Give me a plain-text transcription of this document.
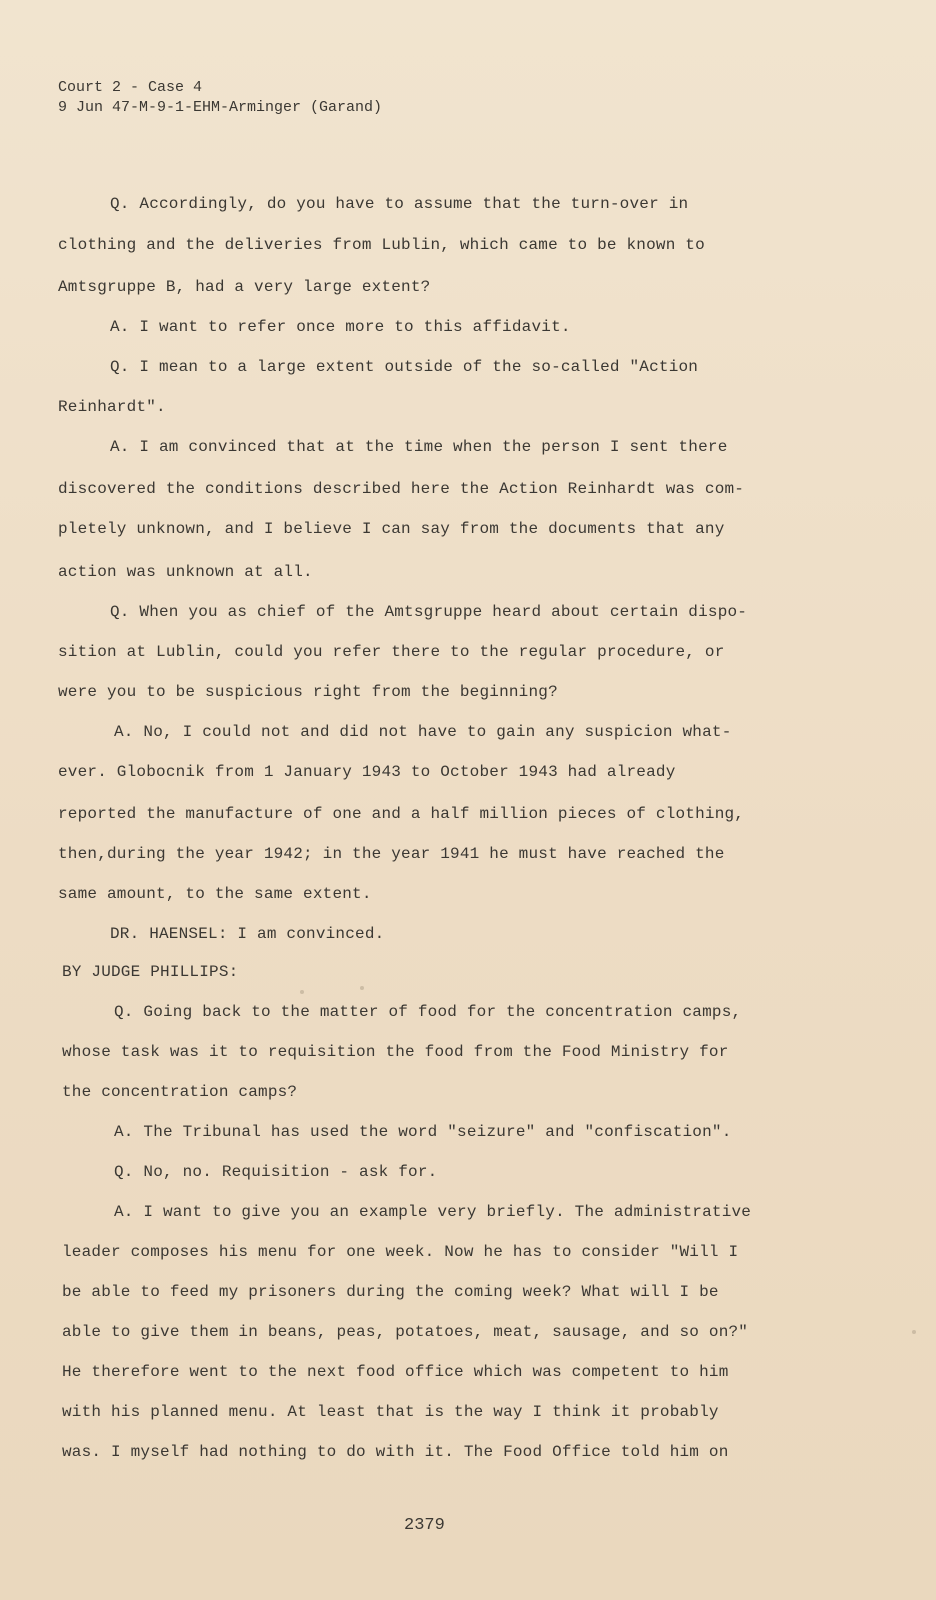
Court 2 - Case 4
9 Jun 47-M-9-1-EHM-Arminger (Garand)
Q. Accordingly, do you have to assume that the turn-over in
clothing and the deliveries from Lublin, which came to be known to
Amtsgruppe B, had a very large extent?
A. I want to refer once more to this affidavit.
Q. I mean to a large extent outside of the so-called "Action
Reinhardt".
A. I am convinced that at the time when the person I sent there
discovered the conditions described here the Action Reinhardt was com-
pletely unknown, and I believe I can say from the documents that any
action was unknown at all.
Q. When you as chief of the Amtsgruppe heard about certain dispo-
sition at Lublin, could you refer there to the regular procedure, or
were you to be suspicious right from the beginning?
A. No, I could not and did not have to gain any suspicion what-
ever. Globocnik from 1 January 1943 to October 1943 had already
reported the manufacture of one and a half million pieces of clothing,
then,during the year 1942; in the year 1941 he must have reached the
same amount, to the same extent.
DR. HAENSEL: I am convinced.
BY JUDGE PHILLIPS:
Q. Going back to the matter of food for the concentration camps,
whose task was it to requisition the food from the Food Ministry for
the concentration camps?
A. The Tribunal has used the word "seizure" and "confiscation".
Q. No, no. Requisition - ask for.
A. I want to give you an example very briefly. The administrative
leader composes his menu for one week. Now he has to consider "Will I
be able to feed my prisoners during the coming week? What will I be
able to give them in beans, peas, potatoes, meat, sausage, and so on?"
He therefore went to the next food office which was competent to him
with his planned menu. At least that is the way I think it probably
was. I myself had nothing to do with it. The Food Office told him on
2379
